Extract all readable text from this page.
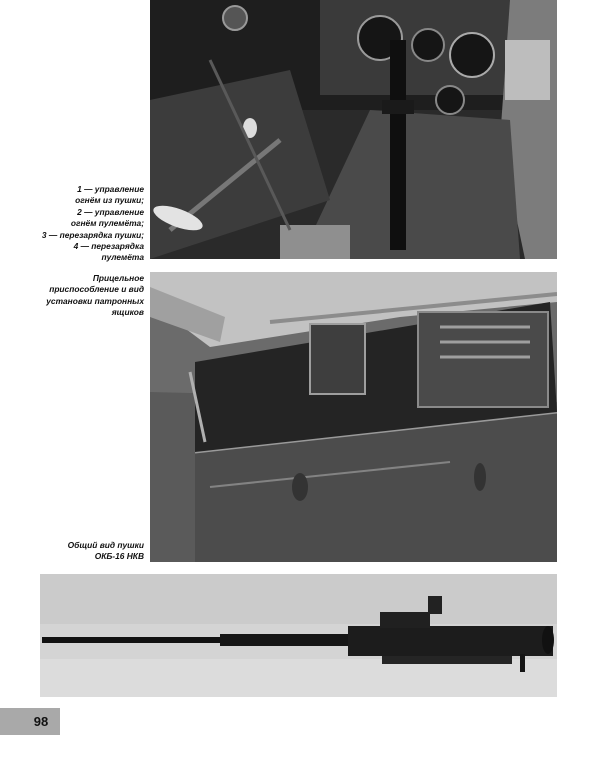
1 — управление
огнём из пушки;
2 — управление
огнём пулемёта;
3 — перезарядка пушки;
4 — перезарядка
пулемёта
Прицельное
приспособление и вид
установки патронных
ящиков
Общий вид пушки
ОКБ-16 НКВ
98
